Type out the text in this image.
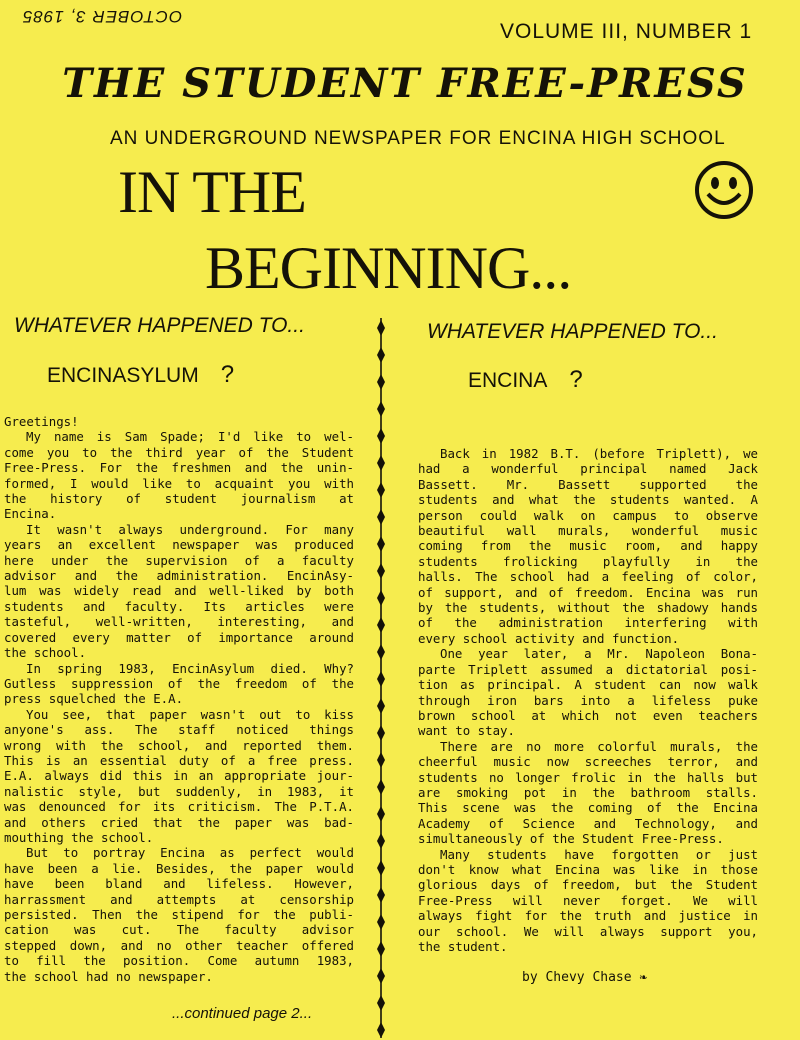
OCTOBER 3, 1985
VOLUME III, NUMBER 1
THE STUDENT FREE-PRESS
AN UNDERGROUND NEWSPAPER FOR ENCINA HIGH SCHOOL
IN THE
BEGINNING...
WHATEVER HAPPENED TO...
ENCINASYLUM ?
WHATEVER HAPPENED TO...
ENCINA ?

Greetings!
My name is Sam Spade; I'd like to wel-
come you to the third year of the Student
Free-Press. For the freshmen and the unin-
formed, I would like to acquaint you with
the history of student journalism at
Encina.

It wasn't always underground. For many
years an excellent newspaper was produced
here under the supervision of a faculty
advisor and the administration. EncinAsy-
lum was widely read and well-liked by both
students and faculty. Its articles were
tasteful, well-written, interesting, and
covered every matter of importance around
the school.

In spring 1983, EncinAsylum died. Why?
Gutless suppression of the freedom of the
press squelched the E.A.

You see, that paper wasn't out to kiss
anyone's ass. The staff noticed things
wrong with the school, and reported them.
This is an essential duty of a free press.
E.A. always did this in an appropriate jour-
nalistic style, but suddenly, in 1983, it
was denounced for its criticism. The P.T.A.
and others cried that the paper was bad-
mouthing the school.

But to portray Encina as perfect would
have been a lie. Besides, the paper would
have been bland and lifeless. However,
harrassment and attempts at censorship
persisted. Then the stipend for the publi-
cation was cut. The faculty advisor
stepped down, and no other teacher offered
to fill the position. Come autumn 1983,
the school had no newspaper.

Back in 1982 B.T. (before Triplett), we
had a wonderful principal named Jack
Bassett. Mr. Bassett supported the
students and what the students wanted. A
person could walk on campus to observe
beautiful wall murals, wonderful music
coming from the music room, and happy
students frolicking playfully in the
halls. The school had a feeling of color,
of support, and of freedom. Encina was run
by the students, without the shadowy hands
of the administration interfering with
every school activity and function.

One year later, a Mr. Napoleon Bona-
parte Triplett assumed a dictatorial posi-
tion as principal. A student can now walk
through iron bars into a lifeless puke
brown school at which not even teachers
want to stay.

There are no more colorful murals, the
cheerful music now screeches terror, and
students no longer frolic in the halls but
are smoking pot in the bathroom stalls.
This scene was the coming of the Encina
Academy of Science and Technology, and
simultaneously of the Student Free-Press.

Many students have forgotten or just
don't know what Encina was like in those
glorious days of freedom, but the Student
Free-Press will never forget. We will
always fight for the truth and justice in
our school. We will always support you,
the student.

by Chevy Chase ❧
...continued page 2...
